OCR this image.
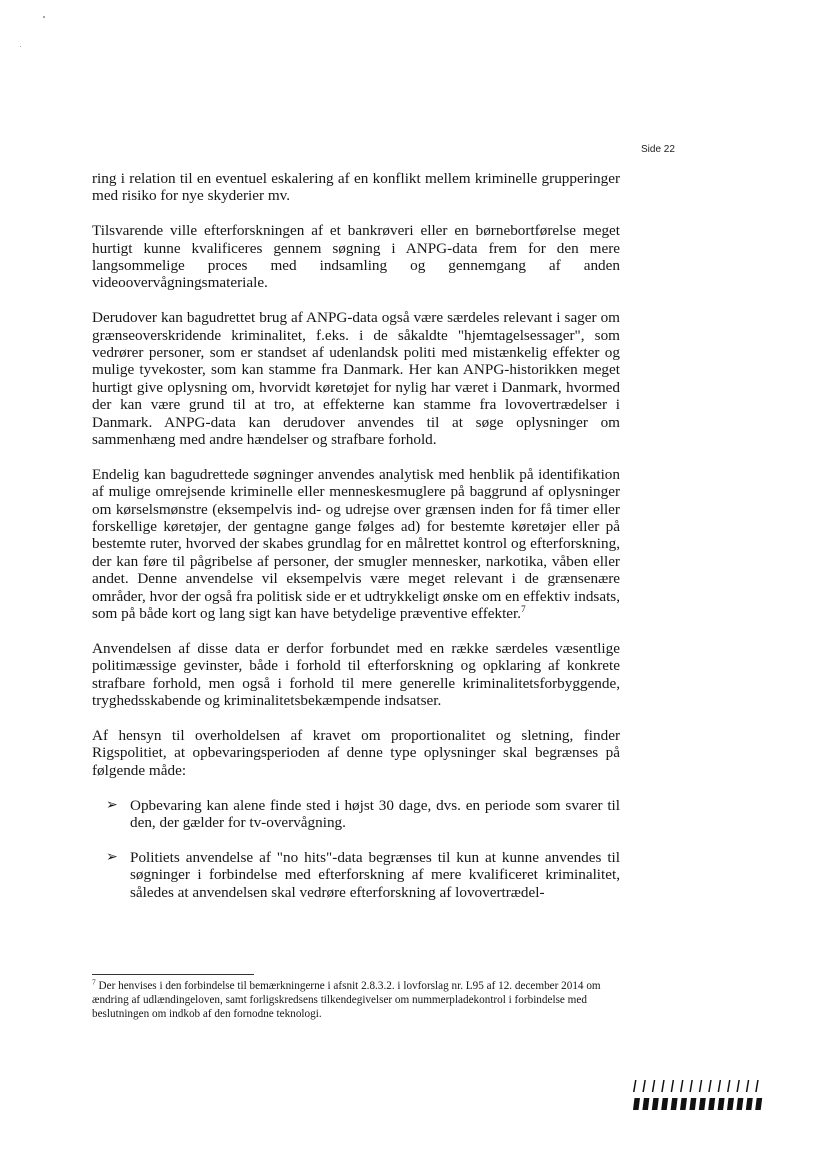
Side 22

ring i relation til en eventuel eskalering af en konflikt mellem kriminelle grupperinger med risiko for nye skyderier mv.

Tilsvarende ville efterforskningen af et bankrøveri eller en børnebortførelse meget hurtigt kunne kvalificeres gennem søgning i ANPG-data frem for den mere langsommelige proces med indsamling og gennemgang af anden videoovervågningsmateriale.

Derudover kan bagudrettet brug af ANPG-data også være særdeles relevant i sager om grænseoverskridende kriminalitet, f.eks. i de såkaldte "hjemtagelsessager", som vedrører personer, som er standset af udenlandsk politi med mistænkelig effekter og mulige tyvekoster, som kan stamme fra Danmark. Her kan ANPG-historikken meget hurtigt give oplysning om, hvorvidt køretøjet for nylig har været i Danmark, hvormed der kan være grund til at tro, at effekterne kan stamme fra lovovertrædelser i Danmark. ANPG-data kan derudover anvendes til at søge oplysninger om sammenhæng med andre hændelser og strafbare forhold.

Endelig kan bagudrettede søgninger anvendes analytisk med henblik på identifikation af mulige omrejsende kriminelle eller menneskesmuglere på baggrund af oplysninger om kørselsmønstre (eksempelvis ind- og udrejse over grænsen inden for få timer eller forskellige køretøjer, der gentagne gange følges ad) for bestemte køretøjer eller på bestemte ruter, hvorved der skabes grundlag for en målrettet kontrol og efterforskning, der kan føre til pågribelse af personer, der smugler mennesker, narkotika, våben eller andet. Denne anvendelse vil eksempelvis være meget relevant i de grænsenære områder, hvor der også fra politisk side er et udtrykkeligt ønske om en effektiv indsats, som på både kort og lang sigt kan have betydelige præventive effekter.$^7$

Anvendelsen af disse data er derfor forbundet med en række særdeles væsentlige politimæssige gevinster, både i forhold til efterforskning og opklaring af konkrete strafbare forhold, men også i forhold til mere generelle kriminalitetsforbyggende, tryghedsskabende og kriminalitetsbekæmpende indsatser.

Af hensyn til overholdelsen af kravet om proportionalitet og sletning, finder Rigspolitiet, at opbevaringsperioden af denne type oplysninger skal begrænses på følgende måde:

➢ Opbevaring kan alene finde sted i højst 30 dage, dvs. en periode som svarer til den, der gælder for tv-overvågning.
➢ Politiets anvendelse af "no hits"-data begrænses til kun at kunne anvendes til søgninger i forbindelse med efterforskning af mere kvalificeret kriminalitet, således at anvendelsen skal vedrøre efterforskning af lovovertrædel-
$^7$ Der henvises i den forbindelse til bemærkningerne i afsnit 2.8.3.2. i lovforslag nr. L95 af 12. december 2014 om ændring af udlændingeloven, samt forligskredsens tilkendegivelser om nummerpladekontrol i forbindelse med beslutningen om indkob af den fornodne teknologi.
